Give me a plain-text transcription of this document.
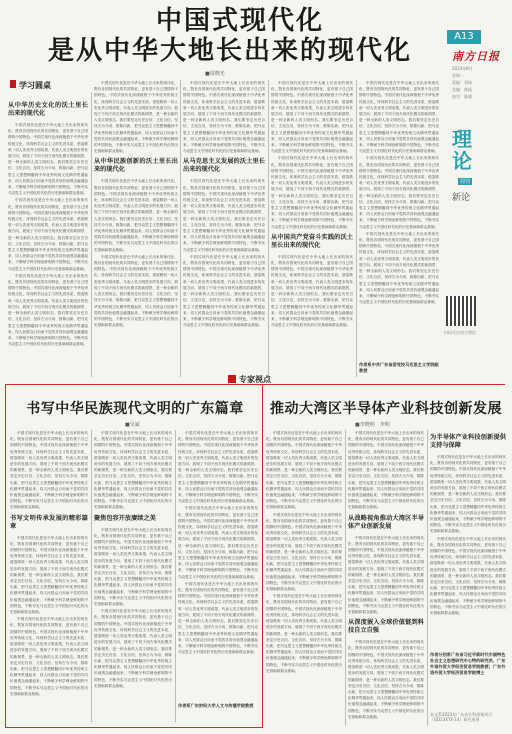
中国式现代化
是从中华大地长出来的现代化
■周晓光
学习圆桌
从中华历史文化的沃土里长出来的现代化

中国式现代化是在中华大地上长出来的现代化，既有各国现代化的共同特征，更有基于自己国情的中国特色。中国式现代化深深植根于中华优秀传统文化，体现科学社会主义的先进本质，借鉴吸收一切人类优秀文明成果，代表人类文明进步的发展方向，展现了不同于西方现代化模式的新图景，是一种全新的人类文明形态。我们要坚定历史自信、文化自信，坚持古为今用、推陈出新，把马克思主义思想精髓同中华优秀传统文化精华贯通起来、同人民群众日用而不觉的共同价值观念融通起来，不断赋予科学理论鲜明的中国特色，不断夯实马克思主义中国化时代化的历史基础和群众基础。

中国式现代化是在中华大地上长出来的现代化，既有各国现代化的共同特征，更有基于自己国情的中国特色。中国式现代化深深植根于中华优秀传统文化，体现科学社会主义的先进本质，借鉴吸收一切人类优秀文明成果，代表人类文明进步的发展方向，展现了不同于西方现代化模式的新图景，是一种全新的人类文明形态。我们要坚定历史自信、文化自信，坚持古为今用、推陈出新，把马克思主义思想精髓同中华优秀传统文化精华贯通起来、同人民群众日用而不觉的共同价值观念融通起来，不断赋予科学理论鲜明的中国特色，不断夯实马克思主义中国化时代化的历史基础和群众基础。

中国式现代化是在中华大地上长出来的现代化，既有各国现代化的共同特征，更有基于自己国情的中国特色。中国式现代化深深植根于中华优秀传统文化，体现科学社会主义的先进本质，借鉴吸收一切人类优秀文明成果，代表人类文明进步的发展方向，展现了不同于西方现代化模式的新图景，是一种全新的人类文明形态。我们要坚定历史自信、文化自信，坚持古为今用、推陈出新，把马克思主义思想精髓同中华优秀传统文化精华贯通起来、同人民群众日用而不觉的共同价值观念融通起来，不断赋予科学理论鲜明的中国特色，不断夯实马克思主义中国化时代化的历史基础和群众基础。

中国式现代化是在中华大地上长出来的现代化，既有各国现代化的共同特征，更有基于自己国情的中国特色。中国式现代化深深植根于中华优秀传统文化，体现科学社会主义的先进本质，借鉴吸收一切人类优秀文明成果，代表人类文明进步的发展方向，展现了不同于西方现代化模式的新图景，是一种全新的人类文明形态。我们要坚定历史自信、文化自信，坚持古为今用、推陈出新，把马克思主义思想精髓同中华优秀传统文化精华贯通起来、同人民群众日用而不觉的共同价值观念融通起来，不断赋予科学理论鲜明的中国特色，不断夯实马克思主义中国化时代化的历史基础和群众基础。

从中华民族创新的沃土里长出来的现代化

中国式现代化是在中华大地上长出来的现代化，既有各国现代化的共同特征，更有基于自己国情的中国特色。中国式现代化深深植根于中华优秀传统文化，体现科学社会主义的先进本质，借鉴吸收一切人类优秀文明成果，代表人类文明进步的发展方向，展现了不同于西方现代化模式的新图景，是一种全新的人类文明形态。我们要坚定历史自信、文化自信，坚持古为今用、推陈出新，把马克思主义思想精髓同中华优秀传统文化精华贯通起来、同人民群众日用而不觉的共同价值观念融通起来，不断赋予科学理论鲜明的中国特色，不断夯实马克思主义中国化时代化的历史基础和群众基础。

中国式现代化是在中华大地上长出来的现代化，既有各国现代化的共同特征，更有基于自己国情的中国特色。中国式现代化深深植根于中华优秀传统文化，体现科学社会主义的先进本质，借鉴吸收一切人类优秀文明成果，代表人类文明进步的发展方向，展现了不同于西方现代化模式的新图景，是一种全新的人类文明形态。我们要坚定历史自信、文化自信，坚持古为今用、推陈出新，把马克思主义思想精髓同中华优秀传统文化精华贯通起来、同人民群众日用而不觉的共同价值观念融通起来，不断赋予科学理论鲜明的中国特色，不断夯实马克思主义中国化时代化的历史基础和群众基础。

中国式现代化是在中华大地上长出来的现代化，既有各国现代化的共同特征，更有基于自己国情的中国特色。中国式现代化深深植根于中华优秀传统文化，体现科学社会主义的先进本质，借鉴吸收一切人类优秀文明成果，代表人类文明进步的发展方向，展现了不同于西方现代化模式的新图景，是一种全新的人类文明形态。我们要坚定历史自信、文化自信，坚持古为今用、推陈出新，把马克思主义思想精髓同中华优秀传统文化精华贯通起来、同人民群众日用而不觉的共同价值观念融通起来，不断赋予科学理论鲜明的中国特色，不断夯实马克思主义中国化时代化的历史基础和群众基础。

从马克思主义发展的沃土里长出来的现代化

中国式现代化是在中华大地上长出来的现代化，既有各国现代化的共同特征，更有基于自己国情的中国特色。中国式现代化深深植根于中华优秀传统文化，体现科学社会主义的先进本质，借鉴吸收一切人类优秀文明成果，代表人类文明进步的发展方向，展现了不同于西方现代化模式的新图景，是一种全新的人类文明形态。我们要坚定历史自信、文化自信，坚持古为今用、推陈出新，把马克思主义思想精髓同中华优秀传统文化精华贯通起来、同人民群众日用而不觉的共同价值观念融通起来，不断赋予科学理论鲜明的中国特色，不断夯实马克思主义中国化时代化的历史基础和群众基础。

中国式现代化是在中华大地上长出来的现代化，既有各国现代化的共同特征，更有基于自己国情的中国特色。中国式现代化深深植根于中华优秀传统文化，体现科学社会主义的先进本质，借鉴吸收一切人类优秀文明成果，代表人类文明进步的发展方向，展现了不同于西方现代化模式的新图景，是一种全新的人类文明形态。我们要坚定历史自信、文化自信，坚持古为今用、推陈出新，把马克思主义思想精髓同中华优秀传统文化精华贯通起来、同人民群众日用而不觉的共同价值观念融通起来，不断赋予科学理论鲜明的中国特色，不断夯实马克思主义中国化时代化的历史基础和群众基础。

中国式现代化是在中华大地上长出来的现代化，既有各国现代化的共同特征，更有基于自己国情的中国特色。中国式现代化深深植根于中华优秀传统文化，体现科学社会主义的先进本质，借鉴吸收一切人类优秀文明成果，代表人类文明进步的发展方向，展现了不同于西方现代化模式的新图景，是一种全新的人类文明形态。我们要坚定历史自信、文化自信，坚持古为今用、推陈出新，把马克思主义思想精髓同中华优秀传统文化精华贯通起来、同人民群众日用而不觉的共同价值观念融通起来，不断赋予科学理论鲜明的中国特色，不断夯实马克思主义中国化时代化的历史基础和群众基础。

中国式现代化是在中华大地上长出来的现代化，既有各国现代化的共同特征，更有基于自己国情的中国特色。中国式现代化深深植根于中华优秀传统文化，体现科学社会主义的先进本质，借鉴吸收一切人类优秀文明成果，代表人类文明进步的发展方向，展现了不同于西方现代化模式的新图景，是一种全新的人类文明形态。我们要坚定历史自信、文化自信，坚持古为今用、推陈出新，把马克思主义思想精髓同中华优秀传统文化精华贯通起来、同人民群众日用而不觉的共同价值观念融通起来，不断赋予科学理论鲜明的中国特色，不断夯实马克思主义中国化时代化的历史基础和群众基础。

从中国共产党奋斗实践的沃土里长出来的现代化

中国式现代化是在中华大地上长出来的现代化，既有各国现代化的共同特征，更有基于自己国情的中国特色。中国式现代化深深植根于中华优秀传统文化，体现科学社会主义的先进本质，借鉴吸收一切人类优秀文明成果，代表人类文明进步的发展方向，展现了不同于西方现代化模式的新图景，是一种全新的人类文明形态。我们要坚定历史自信、文化自信，坚持古为今用、推陈出新，把马克思主义思想精髓同中华优秀传统文化精华贯通起来、同人民群众日用而不觉的共同价值观念融通起来，不断赋予科学理论鲜明的中国特色，不断夯实马克思主义中国化时代化的历史基础和群众基础。

中国式现代化是在中华大地上长出来的现代化，既有各国现代化的共同特征，更有基于自己国情的中国特色。中国式现代化深深植根于中华优秀传统文化，体现科学社会主义的先进本质，借鉴吸收一切人类优秀文明成果，代表人类文明进步的发展方向，展现了不同于西方现代化模式的新图景，是一种全新的人类文明形态。我们要坚定历史自信、文化自信，坚持古为今用、推陈出新，把马克思主义思想精髓同中华优秀传统文化精华贯通起来、同人民群众日用而不觉的共同价值观念融通起来，不断赋予科学理论鲜明的中国特色，不断夯实马克思主义中国化时代化的历史基础和群众基础。

中国式现代化是在中华大地上长出来的现代化，既有各国现代化的共同特征，更有基于自己国情的中国特色。中国式现代化深深植根于中华优秀传统文化，体现科学社会主义的先进本质，借鉴吸收一切人类优秀文明成果，代表人类文明进步的发展方向，展现了不同于西方现代化模式的新图景，是一种全新的人类文明形态。我们要坚定历史自信、文化自信，坚持古为今用、推陈出新，把马克思主义思想精髓同中华优秀传统文化精华贯通起来、同人民群众日用而不觉的共同价值观念融通起来，不断赋予科学理论鲜明的中国特色，不断夯实马克思主义中国化时代化的历史基础和群众基础。

中国式现代化是在中华大地上长出来的现代化，既有各国现代化的共同特征，更有基于自己国情的中国特色。中国式现代化深深植根于中华优秀传统文化，体现科学社会主义的先进本质，借鉴吸收一切人类优秀文明成果，代表人类文明进步的发展方向，展现了不同于西方现代化模式的新图景，是一种全新的人类文明形态。我们要坚定历史自信、文化自信，坚持古为今用、推陈出新，把马克思主义思想精髓同中华优秀传统文化精华贯通起来、同人民群众日用而不觉的共同价值观念融通起来，不断赋予科学理论鲜明的中国特色，不断夯实马克思主义中国化时代化的历史基础和群众基础。

作者系中共广东省委党校马克思主义学院副教授
A13
南方日报
2023年8月
星期一
责编：刘杨
美编：陈振
校对：陈晓
理
论
周刊
新论
扫码关注南方理论
专家视点
书写中华民族现代文明的广东篇章
■吴斌

中国式现代化是在中华大地上长出来的现代化，既有各国现代化的共同特征，更有基于自己国情的中国特色。中国式现代化深深植根于中华优秀传统文化，体现科学社会主义的先进本质，借鉴吸收一切人类优秀文明成果，代表人类文明进步的发展方向，展现了不同于西方现代化模式的新图景，是一种全新的人类文明形态。我们要坚定历史自信、文化自信，坚持古为今用、推陈出新，把马克思主义思想精髓同中华优秀传统文化精华贯通起来、同人民群众日用而不觉的共同价值观念融通起来，不断赋予科学理论鲜明的中国特色，不断夯实马克思主义中国化时代化的历史基础和群众基础。

书写文明传承发展的精彩篇章

中国式现代化是在中华大地上长出来的现代化，既有各国现代化的共同特征，更有基于自己国情的中国特色。中国式现代化深深植根于中华优秀传统文化，体现科学社会主义的先进本质，借鉴吸收一切人类优秀文明成果，代表人类文明进步的发展方向，展现了不同于西方现代化模式的新图景，是一种全新的人类文明形态。我们要坚定历史自信、文化自信，坚持古为今用、推陈出新，把马克思主义思想精髓同中华优秀传统文化精华贯通起来、同人民群众日用而不觉的共同价值观念融通起来，不断赋予科学理论鲜明的中国特色，不断夯实马克思主义中国化时代化的历史基础和群众基础。

中国式现代化是在中华大地上长出来的现代化，既有各国现代化的共同特征，更有基于自己国情的中国特色。中国式现代化深深植根于中华优秀传统文化，体现科学社会主义的先进本质，借鉴吸收一切人类优秀文明成果，代表人类文明进步的发展方向，展现了不同于西方现代化模式的新图景，是一种全新的人类文明形态。我们要坚定历史自信、文化自信，坚持古为今用、推陈出新，把马克思主义思想精髓同中华优秀传统文化精华贯通起来、同人民群众日用而不觉的共同价值观念融通起来，不断赋予科学理论鲜明的中国特色，不断夯实马克思主义中国化时代化的历史基础和群众基础。

中国式现代化是在中华大地上长出来的现代化，既有各国现代化的共同特征，更有基于自己国情的中国特色。中国式现代化深深植根于中华优秀传统文化，体现科学社会主义的先进本质，借鉴吸收一切人类优秀文明成果，代表人类文明进步的发展方向，展现了不同于西方现代化模式的新图景，是一种全新的人类文明形态。我们要坚定历史自信、文化自信，坚持古为今用、推陈出新，把马克思主义思想精髓同中华优秀传统文化精华贯通起来、同人民群众日用而不觉的共同价值观念融通起来，不断赋予科学理论鲜明的中国特色，不断夯实马克思主义中国化时代化的历史基础和群众基础。

聚焦包容开放赓续之美

中国式现代化是在中华大地上长出来的现代化，既有各国现代化的共同特征，更有基于自己国情的中国特色。中国式现代化深深植根于中华优秀传统文化，体现科学社会主义的先进本质，借鉴吸收一切人类优秀文明成果，代表人类文明进步的发展方向，展现了不同于西方现代化模式的新图景，是一种全新的人类文明形态。我们要坚定历史自信、文化自信，坚持古为今用、推陈出新，把马克思主义思想精髓同中华优秀传统文化精华贯通起来、同人民群众日用而不觉的共同价值观念融通起来，不断赋予科学理论鲜明的中国特色，不断夯实马克思主义中国化时代化的历史基础和群众基础。

中国式现代化是在中华大地上长出来的现代化，既有各国现代化的共同特征，更有基于自己国情的中国特色。中国式现代化深深植根于中华优秀传统文化，体现科学社会主义的先进本质，借鉴吸收一切人类优秀文明成果，代表人类文明进步的发展方向，展现了不同于西方现代化模式的新图景，是一种全新的人类文明形态。我们要坚定历史自信、文化自信，坚持古为今用、推陈出新，把马克思主义思想精髓同中华优秀传统文化精华贯通起来、同人民群众日用而不觉的共同价值观念融通起来，不断赋予科学理论鲜明的中国特色，不断夯实马克思主义中国化时代化的历史基础和群众基础。

中国式现代化是在中华大地上长出来的现代化，既有各国现代化的共同特征，更有基于自己国情的中国特色。中国式现代化深深植根于中华优秀传统文化，体现科学社会主义的先进本质，借鉴吸收一切人类优秀文明成果，代表人类文明进步的发展方向，展现了不同于西方现代化模式的新图景，是一种全新的人类文明形态。我们要坚定历史自信、文化自信，坚持古为今用、推陈出新，把马克思主义思想精髓同中华优秀传统文化精华贯通起来、同人民群众日用而不觉的共同价值观念融通起来，不断赋予科学理论鲜明的中国特色，不断夯实马克思主义中国化时代化的历史基础和群众基础。

中国式现代化是在中华大地上长出来的现代化，既有各国现代化的共同特征，更有基于自己国情的中国特色。中国式现代化深深植根于中华优秀传统文化，体现科学社会主义的先进本质，借鉴吸收一切人类优秀文明成果，代表人类文明进步的发展方向，展现了不同于西方现代化模式的新图景，是一种全新的人类文明形态。我们要坚定历史自信、文化自信，坚持古为今用、推陈出新，把马克思主义思想精髓同中华优秀传统文化精华贯通起来、同人民群众日用而不觉的共同价值观念融通起来，不断赋予科学理论鲜明的中国特色，不断夯实马克思主义中国化时代化的历史基础和群众基础。

中国式现代化是在中华大地上长出来的现代化，既有各国现代化的共同特征，更有基于自己国情的中国特色。中国式现代化深深植根于中华优秀传统文化，体现科学社会主义的先进本质，借鉴吸收一切人类优秀文明成果，代表人类文明进步的发展方向，展现了不同于西方现代化模式的新图景，是一种全新的人类文明形态。我们要坚定历史自信、文化自信，坚持古为今用、推陈出新，把马克思主义思想精髓同中华优秀传统文化精华贯通起来、同人民群众日用而不觉的共同价值观念融通起来，不断赋予科学理论鲜明的中国特色，不断夯实马克思主义中国化时代化的历史基础和群众基础。

作者系广东财经大学人文与传播学院教授
推动大湾区半导体产业科技创新发展
■李晓明　李明

中国式现代化是在中华大地上长出来的现代化，既有各国现代化的共同特征，更有基于自己国情的中国特色。中国式现代化深深植根于中华优秀传统文化，体现科学社会主义的先进本质，借鉴吸收一切人类优秀文明成果，代表人类文明进步的发展方向，展现了不同于西方现代化模式的新图景，是一种全新的人类文明形态。我们要坚定历史自信、文化自信，坚持古为今用、推陈出新，把马克思主义思想精髓同中华优秀传统文化精华贯通起来、同人民群众日用而不觉的共同价值观念融通起来，不断赋予科学理论鲜明的中国特色，不断夯实马克思主义中国化时代化的历史基础和群众基础。

中国式现代化是在中华大地上长出来的现代化，既有各国现代化的共同特征，更有基于自己国情的中国特色。中国式现代化深深植根于中华优秀传统文化，体现科学社会主义的先进本质，借鉴吸收一切人类优秀文明成果，代表人类文明进步的发展方向，展现了不同于西方现代化模式的新图景，是一种全新的人类文明形态。我们要坚定历史自信、文化自信，坚持古为今用、推陈出新，把马克思主义思想精髓同中华优秀传统文化精华贯通起来、同人民群众日用而不觉的共同价值观念融通起来，不断赋予科学理论鲜明的中国特色，不断夯实马克思主义中国化时代化的历史基础和群众基础。

中国式现代化是在中华大地上长出来的现代化，既有各国现代化的共同特征，更有基于自己国情的中国特色。中国式现代化深深植根于中华优秀传统文化，体现科学社会主义的先进本质，借鉴吸收一切人类优秀文明成果，代表人类文明进步的发展方向，展现了不同于西方现代化模式的新图景，是一种全新的人类文明形态。我们要坚定历史自信、文化自信，坚持古为今用、推陈出新，把马克思主义思想精髓同中华优秀传统文化精华贯通起来、同人民群众日用而不觉的共同价值观念融通起来，不断赋予科学理论鲜明的中国特色，不断夯实马克思主义中国化时代化的历史基础和群众基础。

中国式现代化是在中华大地上长出来的现代化，既有各国现代化的共同特征，更有基于自己国情的中国特色。中国式现代化深深植根于中华优秀传统文化，体现科学社会主义的先进本质，借鉴吸收一切人类优秀文明成果，代表人类文明进步的发展方向，展现了不同于西方现代化模式的新图景，是一种全新的人类文明形态。我们要坚定历史自信、文化自信，坚持古为今用、推陈出新，把马克思主义思想精髓同中华优秀传统文化精华贯通起来、同人民群众日用而不觉的共同价值观念融通起来，不断赋予科学理论鲜明的中国特色，不断夯实马克思主义中国化时代化的历史基础和群众基础。

从战略视角推动大湾区半导体产业创新发展

中国式现代化是在中华大地上长出来的现代化，既有各国现代化的共同特征，更有基于自己国情的中国特色。中国式现代化深深植根于中华优秀传统文化，体现科学社会主义的先进本质，借鉴吸收一切人类优秀文明成果，代表人类文明进步的发展方向，展现了不同于西方现代化模式的新图景，是一种全新的人类文明形态。我们要坚定历史自信、文化自信，坚持古为今用、推陈出新，把马克思主义思想精髓同中华优秀传统文化精华贯通起来、同人民群众日用而不觉的共同价值观念融通起来，不断赋予科学理论鲜明的中国特色，不断夯实马克思主义中国化时代化的历史基础和群众基础。

从深度嵌入全球价值链到科技自立自强

中国式现代化是在中华大地上长出来的现代化，既有各国现代化的共同特征，更有基于自己国情的中国特色。中国式现代化深深植根于中华优秀传统文化，体现科学社会主义的先进本质，借鉴吸收一切人类优秀文明成果，代表人类文明进步的发展方向，展现了不同于西方现代化模式的新图景，是一种全新的人类文明形态。我们要坚定历史自信、文化自信，坚持古为今用、推陈出新，把马克思主义思想精髓同中华优秀传统文化精华贯通起来、同人民群众日用而不觉的共同价值观念融通起来，不断赋予科学理论鲜明的中国特色，不断夯实马克思主义中国化时代化的历史基础和群众基础。

为半导体产业科技创新提供支持与保障

中国式现代化是在中华大地上长出来的现代化，既有各国现代化的共同特征，更有基于自己国情的中国特色。中国式现代化深深植根于中华优秀传统文化，体现科学社会主义的先进本质，借鉴吸收一切人类优秀文明成果，代表人类文明进步的发展方向，展现了不同于西方现代化模式的新图景，是一种全新的人类文明形态。我们要坚定历史自信、文化自信，坚持古为今用、推陈出新，把马克思主义思想精髓同中华优秀传统文化精华贯通起来、同人民群众日用而不觉的共同价值观念融通起来，不断赋予科学理论鲜明的中国特色，不断夯实马克思主义中国化时代化的历史基础和群众基础。

中国式现代化是在中华大地上长出来的现代化，既有各国现代化的共同特征，更有基于自己国情的中国特色。中国式现代化深深植根于中华优秀传统文化，体现科学社会主义的先进本质，借鉴吸收一切人类优秀文明成果，代表人类文明进步的发展方向，展现了不同于西方现代化模式的新图景，是一种全新的人类文明形态。我们要坚定历史自信、文化自信，坚持古为今用、推陈出新，把马克思主义思想精髓同中华优秀传统文化精华贯通起来、同人民群众日用而不觉的共同价值观念融通起来，不断赋予科学理论鲜明的中国特色，不断夯实马克思主义中国化时代化的历史基础和群众基础。

作者分别系广东省习近平新时代中国特色社会主义思想研究中心特约研究员、广东外语外贸大学经济贸易学院教授；广东外语外贸大学经济贸易学院博士
本文系2023年广东省社科规划项目（GD23XTX·14）研究成果
